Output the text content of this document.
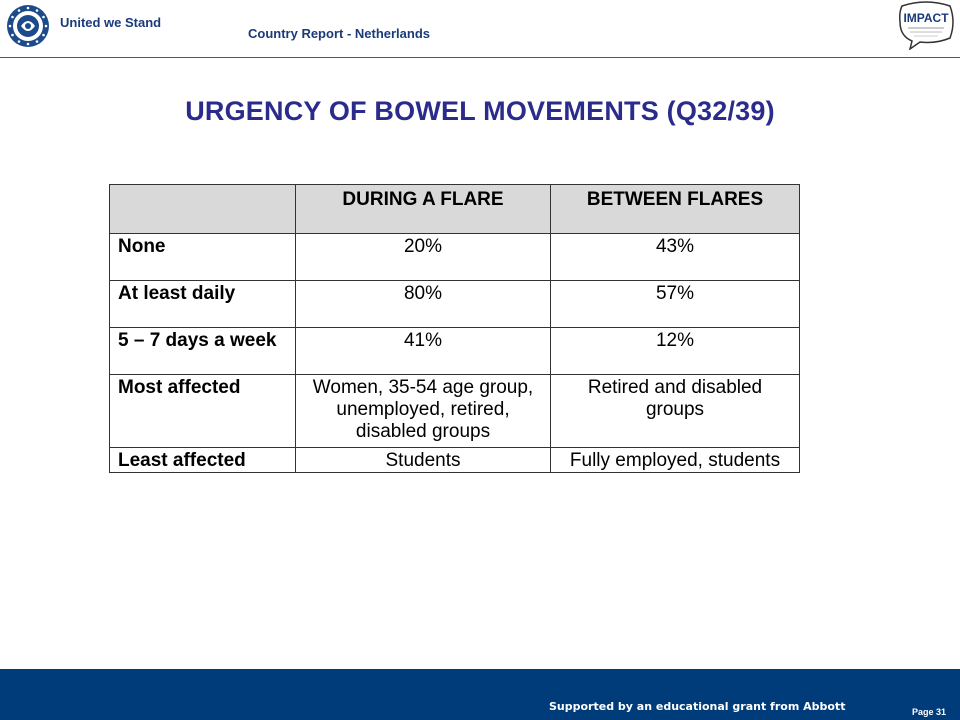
United we Stand
Country Report - Netherlands
IMPACT
URGENCY OF BOWEL MOVEMENTS (Q32/39)
	DURING A FLARE	BETWEEN FLARES
None	20%	43%
At least daily	80%	57%
5 – 7 days a week	41%	12%
Most affected	Women, 35-54 age group, unemployed, retired, disabled groups	Retired and disabled groups
Least affected	Students	Fully employed, students
Supported by an educational grant from Abbott	Page 31
